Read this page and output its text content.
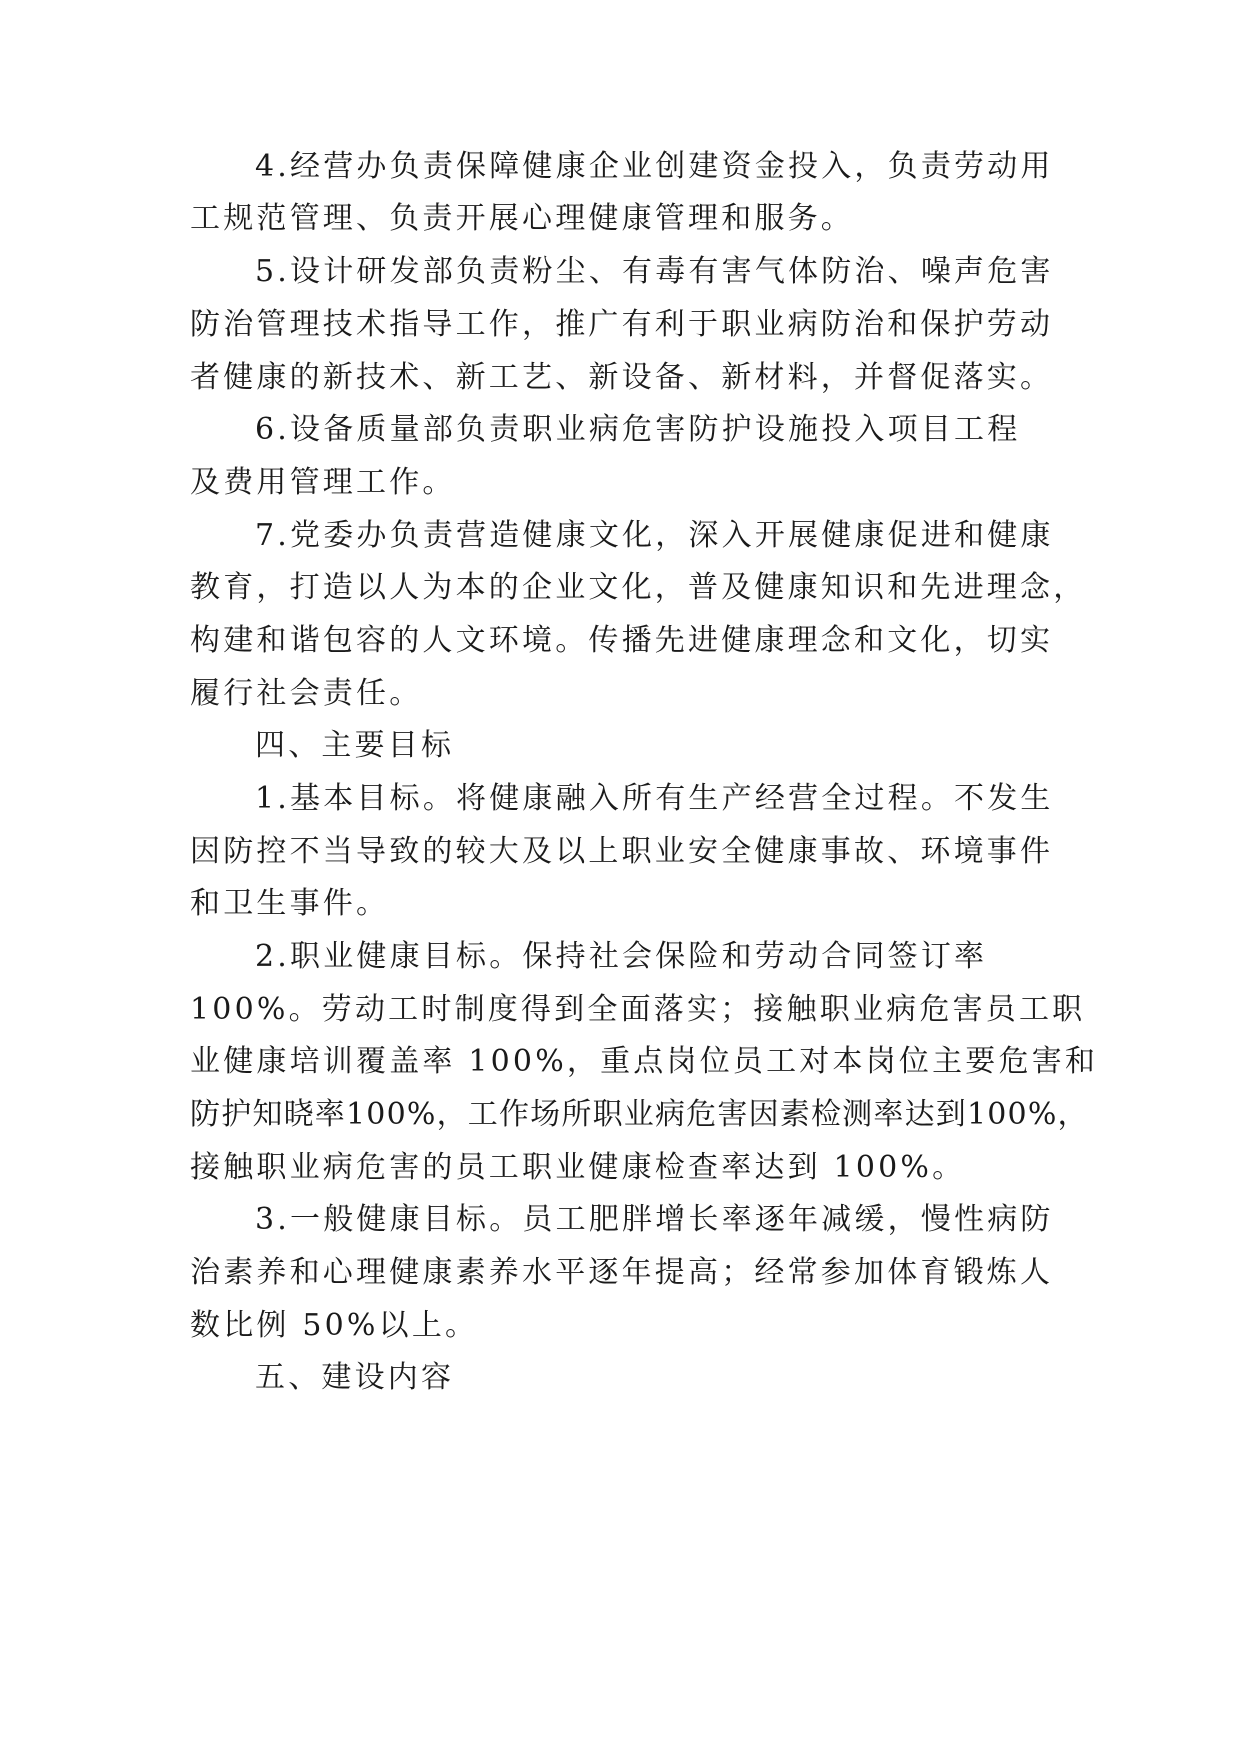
4.经营办负责保障健康企业创建资金投入，负责劳动用
工规范管理、负责开展心理健康管理和服务。
5.设计研发部负责粉尘、有毒有害气体防治、噪声危害
防治管理技术指导工作，推广有利于职业病防治和保护劳动
者健康的新技术、新工艺、新设备、新材料，并督促落实。
6.设备质量部负责职业病危害防护设施投入项目工程
及费用管理工作。
7.党委办负责营造健康文化，深入开展健康促进和健康
教育，打造以人为本的企业文化，普及健康知识和先进理念，
构建和谐包容的人文环境。传播先进健康理念和文化，切实
履行社会责任。
四、主要目标
1.基本目标。将健康融入所有生产经营全过程。不发生
因防控不当导致的较大及以上职业安全健康事故、环境事件
和卫生事件。
2.职业健康目标。保持社会保险和劳动合同签订率
100%。劳动工时制度得到全面落实；接触职业病危害员工职
业健康培训覆盖率 100%，重点岗位员工对本岗位主要危害和
防护知晓率100%，工作场所职业病危害因素检测率达到100%，
接触职业病危害的员工职业健康检查率达到 100%。
3.一般健康目标。员工肥胖增长率逐年减缓，慢性病防
治素养和心理健康素养水平逐年提高；经常参加体育锻炼人
数比例 50%以上。
五、建设内容
